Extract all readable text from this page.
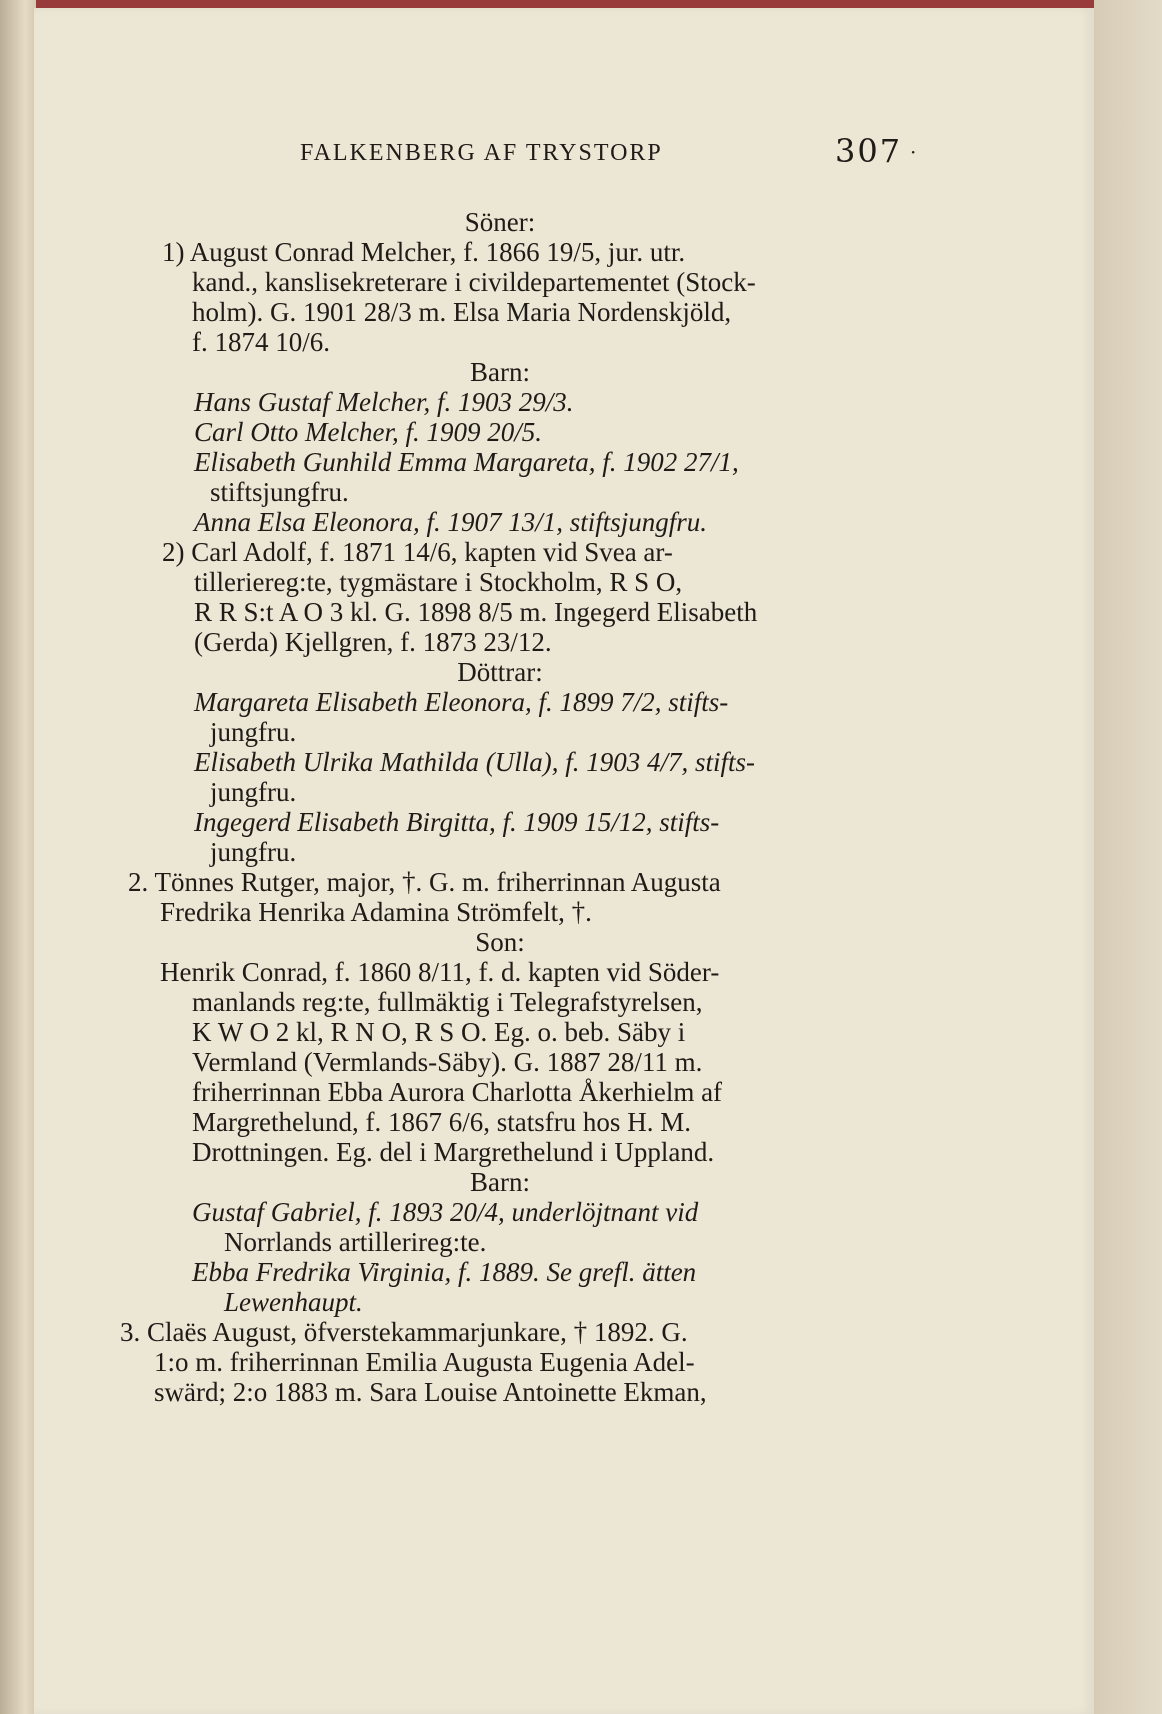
FALKENBERG AF TRYSTORP	307 ·
Söner:
1) August Conrad Melcher, f. 1866 19/5, jur. utr.
kand., kanslisekreterare i civildepartementet (Stock-
holm). G. 1901 28/3 m. Elsa Maria Nordenskjöld,
f. 1874 10/6.
Barn:
Hans Gustaf Melcher, f. 1903 29/3.
Carl Otto Melcher, f. 1909 20/5.
Elisabeth Gunhild Emma Margareta, f. 1902 27/1,
stiftsjungfru.
Anna Elsa Eleonora, f. 1907 13/1, stiftsjungfru.
2) Carl Adolf, f. 1871 14/6, kapten vid Svea ar-
tilleriereg:te, tygmästare i Stockholm, R S O,
R R S:t A O 3 kl. G. 1898 8/5 m. Ingegerd Elisabeth
(Gerda) Kjellgren, f. 1873 23/12.
Döttrar:
Margareta Elisabeth Eleonora, f. 1899 7/2, stifts-
jungfru.
Elisabeth Ulrika Mathilda (Ulla), f. 1903 4/7, stifts-
jungfru.
Ingegerd Elisabeth Birgitta, f. 1909 15/12, stifts-
jungfru.
2. Tönnes Rutger, major, †. G. m. friherrinnan Augusta
Fredrika Henrika Adamina Strömfelt, †.
Son:
Henrik Conrad, f. 1860 8/11, f. d. kapten vid Söder-
manlands reg:te, fullmäktig i Telegrafstyrelsen,
K W O 2 kl, R N O, R S O. Eg. o. beb. Säby i
Vermland (Vermlands-Säby). G. 1887 28/11 m.
friherrinnan Ebba Aurora Charlotta Åkerhielm af
Margrethelund, f. 1867 6/6, statsfru hos H. M.
Drottningen. Eg. del i Margrethelund i Uppland.
Barn:
Gustaf Gabriel, f. 1893 20/4, underlöjtnant vid
Norrlands artillerireg:te.
Ebba Fredrika Virginia, f. 1889. Se grefl. ätten
Lewenhaupt.
3. Claës August, öfverstekammarjunkare, † 1892. G.
1:o m. friherrinnan Emilia Augusta Eugenia Adel-
swärd; 2:o 1883 m. Sara Louise Antoinette Ekman,
